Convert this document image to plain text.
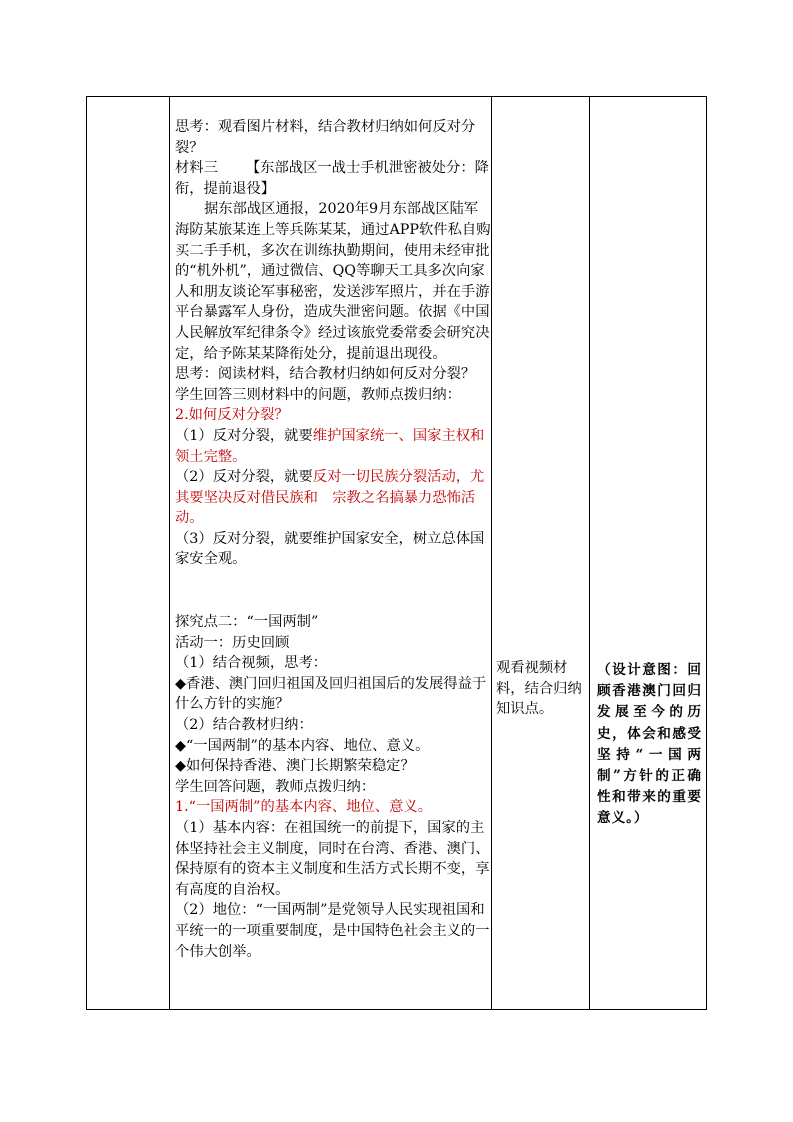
思考：观看图片材料，结合教材归纳如何反对分裂？

材料三 【东部战区一战士手机泄密被处分：降衔，提前退役】

据东部战区通报，2020年9月东部战区陆军海防某旅某连上等兵陈某某，通过APP软件私自购买二手手机，多次在训练执勤期间，使用未经审批的“机外机”，通过微信、QQ等聊天工具多次向家人和朋友谈论军事秘密，发送涉军照片，并在手游平台暴露军人身份，造成失泄密问题。依据《中国人民解放军纪律条令》经过该旅党委常委会研究决定，给予陈某某降衔处分，提前退出现役。

思考：阅读材料，结合教材归纳如何反对分裂？

学生回答三则材料中的问题，教师点拨归纳：

2.如何反对分裂？

（1）反对分裂，就要维护国家统一、国家主权和领土完整。

（2）反对分裂，就要反对一切民族分裂活动，尤其要坚决反对借民族和　宗教之名搞暴力恐怖活动。

（3）反对分裂，就要维护国家安全，树立总体国家安全观。

探究点二：“一国两制”

活动一：历史回顾

（1）结合视频，思考：

◆香港、澳门回归祖国及回归祖国后的发展得益于什么方针的实施？

（2）结合教材归纳：

◆“一国两制”的基本内容、地位、意义。

◆如何保持香港、澳门长期繁荣稳定？

学生回答问题，教师点拨归纳：

1.“一国两制”的基本内容、地位、意义。

（1）基本内容：在祖国统一的前提下，国家的主体坚持社会主义制度，同时在台湾、香港、澳门、保持原有的资本主义制度和生活方式长期不变，享有高度的自治权。

（2）地位：“一国两制”是党领导人民实现祖国和平统一的一项重要制度，是中国特色社会主义的一个伟大创举。

观看视频材料，结合归纳知识点。

（设计意图：回顾香港澳门回归发展至今的历史，体会和感受坚持“一国两制”方针的正确性和带来的重要意义。）
